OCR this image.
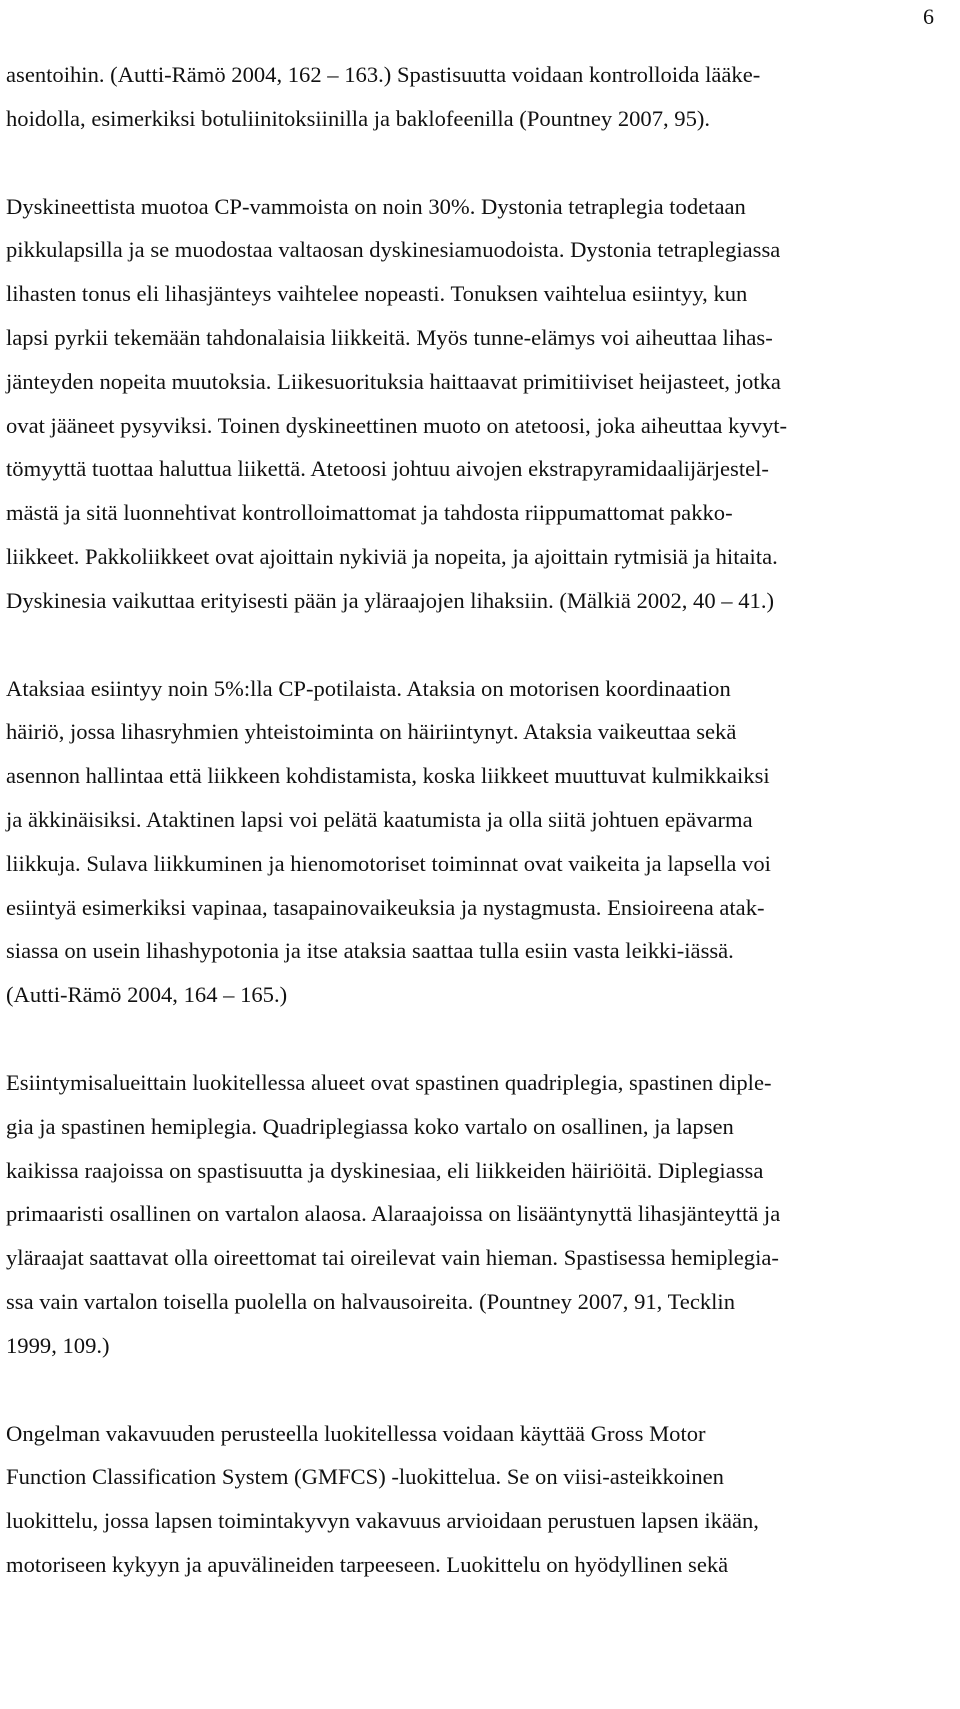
6
asentoihin. (Autti-Rämö 2004, 162 – 163.) Spastisuutta voidaan kontrolloida lääke-
hoidolla, esimerkiksi botuliinitoksiinilla ja baklofeenilla (Pountney 2007, 95).
Dyskineettista muotoa CP-vammoista on noin 30%. Dystonia tetraplegia todetaan
pikkulapsilla ja se muodostaa valtaosan dyskinesiamuodoista. Dystonia tetraplegiassa
lihasten tonus eli lihasjänteys vaihtelee nopeasti. Tonuksen vaihtelua esiintyy, kun
lapsi pyrkii tekemään tahdonalaisia liikkeitä. Myös tunne-elämys voi aiheuttaa lihas-
jänteyden nopeita muutoksia. Liikesuorituksia haittaavat primitiiviset heijasteet, jotka
ovat jääneet pysyviksi. Toinen dyskineettinen muoto on atetoosi, joka aiheuttaa kyvyt-
tömyyttä tuottaa haluttua liikettä. Atetoosi johtuu aivojen ekstrapyramidaalijärjestel-
mästä ja sitä luonnehtivat kontrolloimattomat ja tahdosta riippumattomat pakko-
liikkeet. Pakkoliikkeet ovat ajoittain nykiviä ja nopeita, ja ajoittain rytmisiä ja hitaita.
Dyskinesia vaikuttaa erityisesti pään ja yläraajojen lihaksiin. (Mälkiä 2002, 40 – 41.)
Ataksiaa esiintyy noin 5%:lla CP-potilaista. Ataksia on motorisen koordinaation
häiriö, jossa lihasryhmien yhteistoiminta on häiriintynyt. Ataksia vaikeuttaa sekä
asennon hallintaa että liikkeen kohdistamista, koska liikkeet muuttuvat kulmikkaiksi
ja äkkinäisiksi. Ataktinen lapsi voi pelätä kaatumista ja olla siitä johtuen epävarma
liikkuja. Sulava liikkuminen ja hienomotoriset toiminnat ovat vaikeita ja lapsella voi
esiintyä esimerkiksi vapinaa, tasapainovaikeuksia ja nystagmusta. Ensioireena atak-
siassa on usein lihashypotonia ja itse ataksia saattaa tulla esiin vasta leikki-iässä.
(Autti-Rämö 2004, 164 – 165.)
Esiintymisalueittain luokitellessa alueet ovat spastinen quadriplegia, spastinen diple-
gia ja spastinen hemiplegia. Quadriplegiassa koko vartalo on osallinen, ja lapsen
kaikissa raajoissa on spastisuutta ja dyskinesiaa, eli liikkeiden häiriöitä. Diplegiassa
primaaristi osallinen on vartalon alaosa. Alaraajoissa on lisääntynyttä lihasjänteyttä ja
yläraajat saattavat olla oireettomat tai oireilevat vain hieman. Spastisessa hemiplegia-
ssa vain vartalon toisella puolella on halvausoireita. (Pountney 2007, 91, Tecklin
1999, 109.)
Ongelman vakavuuden perusteella luokitellessa voidaan käyttää Gross Motor
Function Classification System (GMFCS) -luokittelua. Se on viisi-asteikkoinen
luokittelu, jossa lapsen toimintakyvyn vakavuus arvioidaan perustuen lapsen ikään,
motoriseen kykyyn ja apuvälineiden tarpeeseen. Luokittelu on hyödyllinen sekä
